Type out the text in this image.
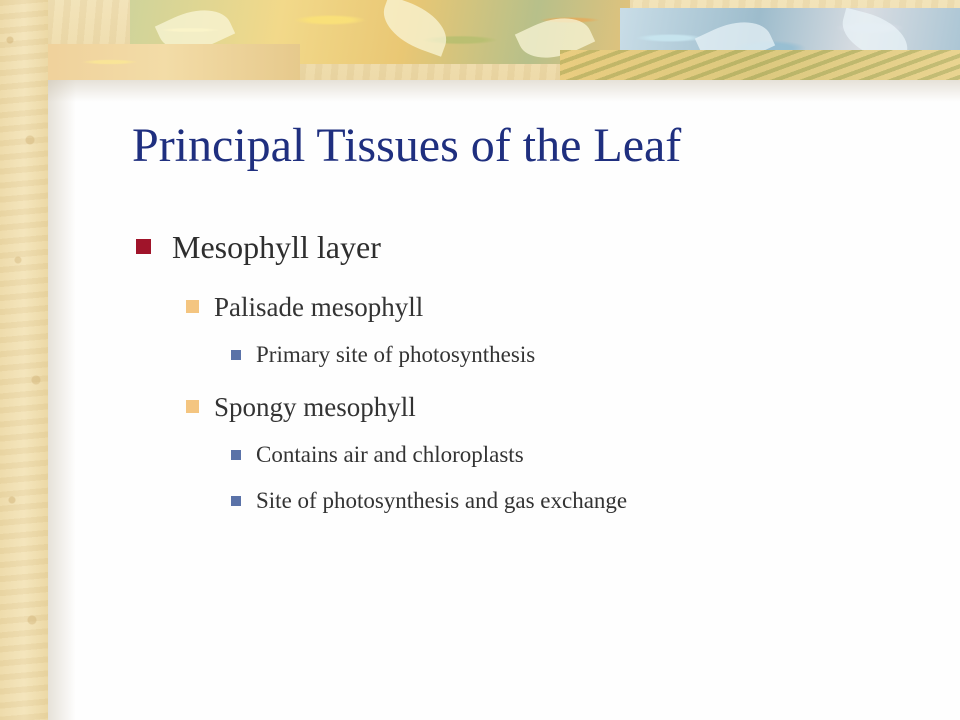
Principal Tissues of the Leaf
Mesophyll layer
Palisade mesophyll
Primary site of photosynthesis
Spongy mesophyll
Contains air and chloroplasts
Site of photosynthesis and gas exchange
